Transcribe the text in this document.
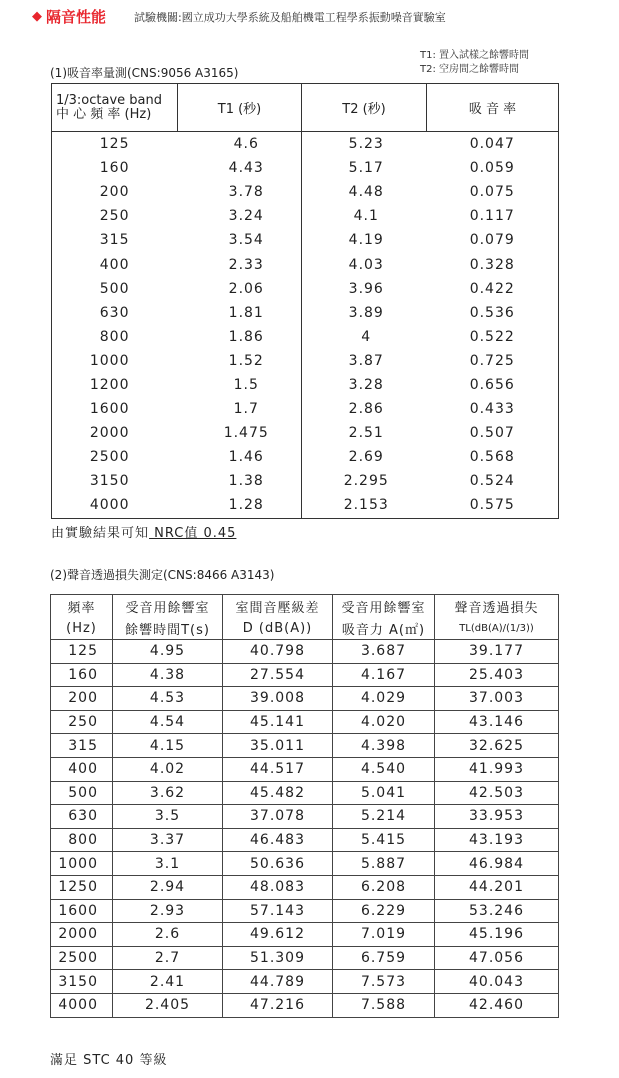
◆ 隔音性能	試驗機關:國立成功大學系統及船舶機電工程學系振動噪音實驗室
T1: 置入試樣之餘響時間
T2: 空房間之餘響時間
(1)吸音率量測(CNS:9056 A3165)
1/3:octave band
中 心 頻 率 (Hz)	T1 (秒)	T2 (秒)	吸 音 率
125	4.6	5.23	0.047
160	4.43	5.17	0.059
200	3.78	4.48	0.075
250	3.24	4.1	0.117
315	3.54	4.19	0.079
400	2.33	4.03	0.328
500	2.06	3.96	0.422
630	1.81	3.89	0.536
800	1.86	4	0.522
1000	1.52	3.87	0.725
1200	1.5	3.28	0.656
1600	1.7	2.86	0.433
2000	1.475	2.51	0.507
2500	1.46	2.69	0.568
3150	1.38	2.295	0.524
4000	1.28	2.153	0.575
由實驗結果可知 NRC值 0.45
(2)聲音透過損失測定(CNS:8466 A3143)
頻率	受音用餘響室	室間音壓級差	受音用餘響室	聲音透過損失
(Hz)	餘響時間T(s)	D (dB(A))	吸音力 A(㎡)	TL(dB(A)/(1/3))
125	4.95	40.798	3.687	39.177
160	4.38	27.554	4.167	25.403
200	4.53	39.008	4.029	37.003
250	4.54	45.141	4.020	43.146
315	4.15	35.011	4.398	32.625
400	4.02	44.517	4.540	41.993
500	3.62	45.482	5.041	42.503
630	3.5	37.078	5.214	33.953
800	3.37	46.483	5.415	43.193
1000	3.1	50.636	5.887	46.984
1250	2.94	48.083	6.208	44.201
1600	2.93	57.143	6.229	53.246
2000	2.6	49.612	7.019	45.196
2500	2.7	51.309	6.759	47.056
3150	2.41	44.789	7.573	40.043
4000	2.405	47.216	7.588	42.460
滿足 STC 40 等級
